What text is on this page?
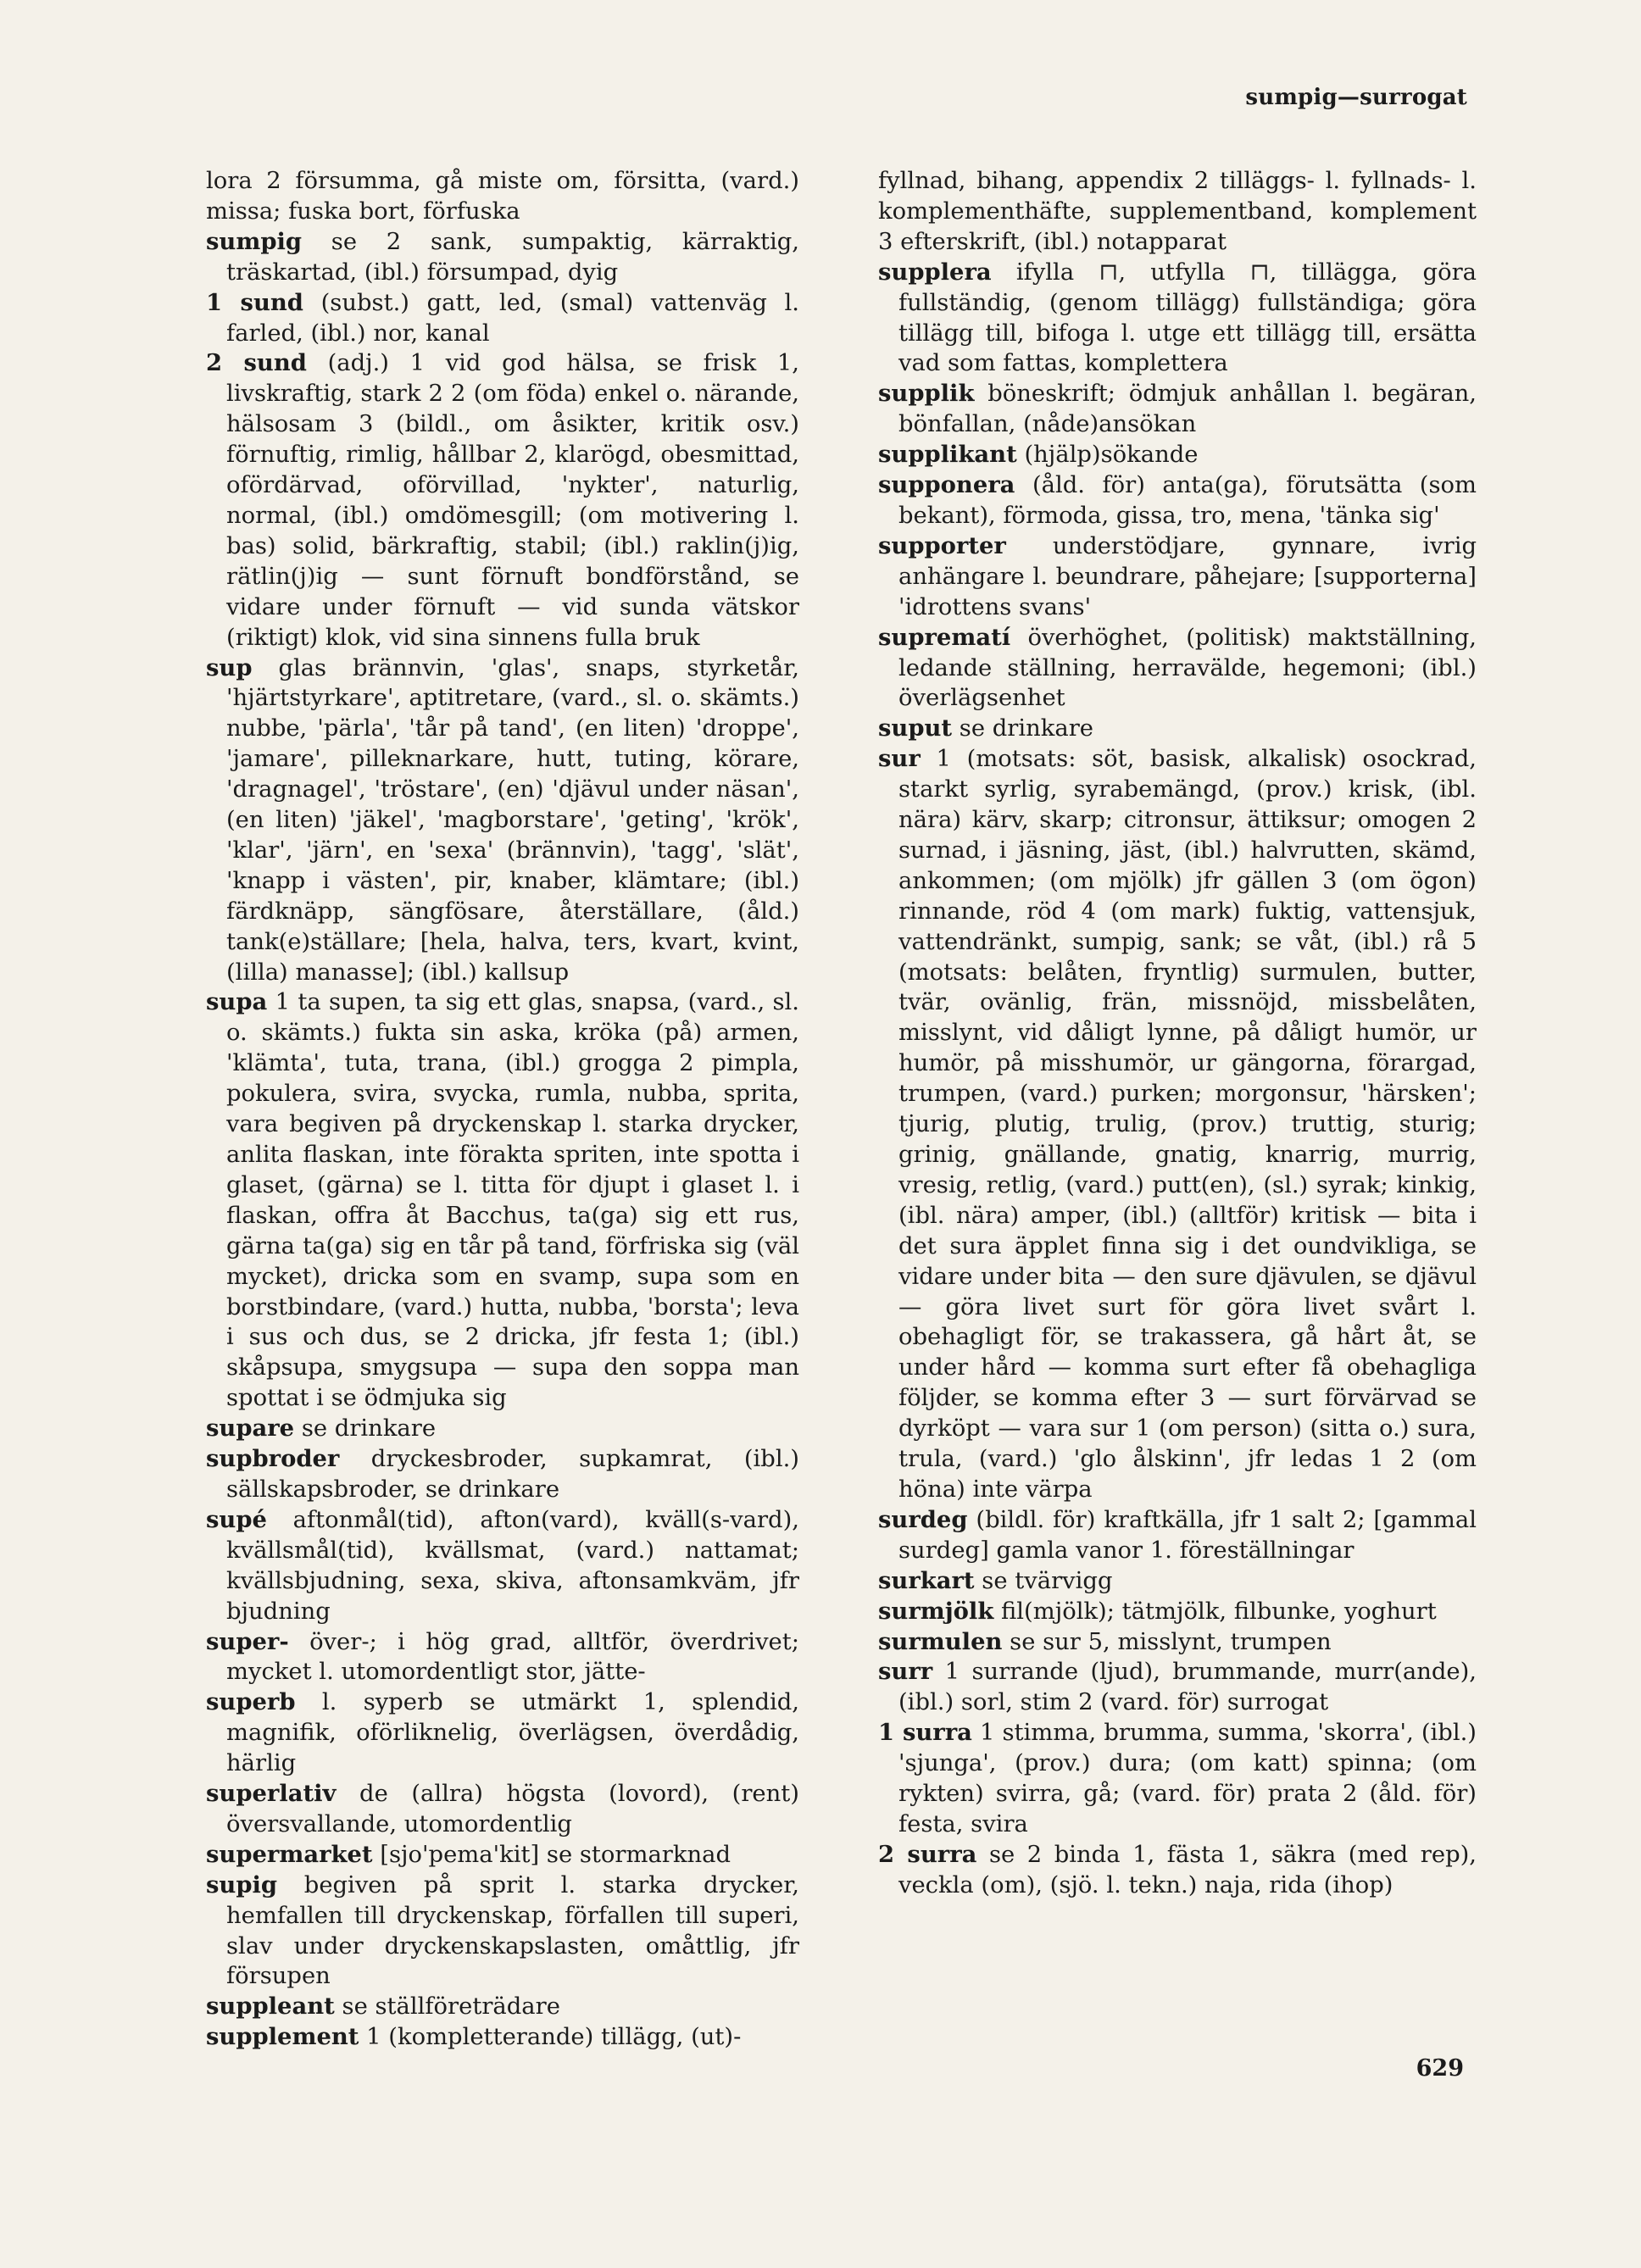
sumpig—surrogat

lora 2 försumma, gå miste om, försitta, (vard.) missa; fuska bort, förfuska

sumpig se 2 sank, sumpaktig, kärraktig, träskartad, (ibl.) försumpad, dyig

1 sund (subst.) gatt, led, (smal) vattenväg l. farled, (ibl.) nor, kanal

2 sund (adj.) 1 vid god hälsa, se frisk 1, livskraftig, stark 2 2 (om föda) enkel o. närande, hälsosam 3 (bildl., om åsikter, kritik osv.) förnuftig, rimlig, hållbar 2, klarögd, obesmittad, ofördärvad, oförvillad, 'nykter', naturlig, normal, (ibl.) omdömesgill; (om motivering l. bas) solid, bärkraftig, stabil; (ibl.) raklin(j)ig, rätlin(j)ig — sunt förnuft bondförstånd, se vidare under förnuft — vid sunda vätskor (riktigt) klok, vid sina sinnens fulla bruk

sup glas brännvin, 'glas', snaps, styrketår, 'hjärtstyrkare', aptitretare, (vard., sl. o. skämts.) nubbe, 'pärla', 'tår på tand', (en liten) 'droppe', 'jamare', pilleknarkare, hutt, tuting, körare, 'dragnagel', 'tröstare', (en) 'djävul under näsan', (en liten) 'jäkel', 'magborstare', 'geting', 'krök', 'klar', 'järn', en 'sexa' (brännvin), 'tagg', 'slät', 'knapp i västen', pir, knaber, klämtare; (ibl.) färdknäpp, sängfösare, återställare, (åld.) tank(e)ställare; [hela, halva, ters, kvart, kvint, (lilla) manasse]; (ibl.) kallsup

supa 1 ta supen, ta sig ett glas, snapsa, (vard., sl. o. skämts.) fukta sin aska, kröka (på) armen, 'klämta', tuta, trana, (ibl.) grogga 2 pimpla, pokulera, svira, svycka, rumla, nubba, sprita, vara begiven på dryckenskap l. starka drycker, anlita flaskan, inte förakta spriten, inte spotta i glaset, (gärna) se l. titta för djupt i glaset l. i flaskan, offra åt Bacchus, ta(ga) sig ett rus, gärna ta(ga) sig en tår på tand, förfriska sig (väl mycket), dricka som en svamp, supa som en borstbindare, (vard.) hutta, nubba, 'borsta'; leva i sus och dus, se 2 dricka, jfr festa 1; (ibl.) skåpsupa, smygsupa — supa den soppa man spottat i se ödmjuka sig

supare se drinkare

supbroder dryckesbroder, supkamrat, (ibl.) sällskapsbroder, se drinkare

supé aftonmål(tid), afton(vard), kväll(s-vard), kvällsmål(tid), kvällsmat, (vard.) nattamat; kvällsbjudning, sexa, skiva, aftonsamkväm, jfr bjudning

super- över-; i hög grad, alltför, överdrivet; mycket l. utomordentligt stor, jätte-

superb l. syperb se utmärkt 1, splendid, magnifik, oförliknelig, överlägsen, överdådig, härlig

superlativ de (allra) högsta (lovord), (rent) översvallande, utomordentlig

supermarket [sjo'pema'kit] se stormarknad

supig begiven på sprit l. starka drycker, hemfallen till dryckenskap, förfallen till superi, slav under dryckenskapslasten, omåttlig, jfr försupen

suppleant se ställföreträdare

supplement 1 (kompletterande) tillägg, (ut)-

fyllnad, bihang, appendix 2 tilläggs- l. fyllnads- l. komplementhäfte, supplementband, komplement 3 efterskrift, (ibl.) notapparat

supplera ifylla ⊓, utfylla ⊓, tillägga, göra fullständig, (genom tillägg) fullständiga; göra tillägg till, bifoga l. utge ett tillägg till, ersätta vad som fattas, komplettera

supplik böneskrift; ödmjuk anhållan l. begäran, bönfallan, (nåde)ansökan

supplikant (hjälp)sökande

supponera (åld. för) anta(ga), förutsätta (som bekant), förmoda, gissa, tro, mena, 'tänka sig'

supporter understödjare, gynnare, ivrig anhängare l. beundrare, påhejare; [supporterna] 'idrottens svans'

suprematí överhöghet, (politisk) maktställning, ledande ställning, herravälde, hegemoni; (ibl.) överlägsenhet

suput se drinkare

sur 1 (motsats: söt, basisk, alkalisk) osockrad, starkt syrlig, syrabemängd, (prov.) krisk, (ibl. nära) kärv, skarp; citronsur, ättiksur; omogen 2 surnad, i jäsning, jäst, (ibl.) halvrutten, skämd, ankommen; (om mjölk) jfr gällen 3 (om ögon) rinnande, röd 4 (om mark) fuktig, vattensjuk, vattendränkt, sumpig, sank; se våt, (ibl.) rå 5 (motsats: belåten, fryntlig) surmulen, butter, tvär, ovänlig, frän, missnöjd, missbelåten, misslynt, vid dåligt lynne, på dåligt humör, ur humör, på misshumör, ur gängorna, förargad, trumpen, (vard.) purken; morgonsur, 'härsken'; tjurig, plutig, trulig, (prov.) truttig, sturig; grinig, gnällande, gnatig, knarrig, murrig, vresig, retlig, (vard.) putt(en), (sl.) syrak; kinkig, (ibl. nära) amper, (ibl.) (alltför) kritisk — bita i det sura äpplet finna sig i det oundvikliga, se vidare under bita — den sure djävulen, se djävul — göra livet surt för göra livet svårt l. obehagligt för, se trakassera, gå hårt åt, se under hård — komma surt efter få obehagliga följder, se komma efter 3 — surt förvärvad se dyrköpt — vara sur 1 (om person) (sitta o.) sura, trula, (vard.) 'glo ålskinn', jfr ledas 1 2 (om höna) inte värpa

surdeg (bildl. för) kraftkälla, jfr 1 salt 2; [gammal surdeg] gamla vanor 1. föreställningar

surkart se tvärvigg

surmjölk fil(mjölk); tätmjölk, filbunke, yoghurt

surmulen se sur 5, misslynt, trumpen

surr 1 surrande (ljud), brummande, murr(ande), (ibl.) sorl, stim 2 (vard. för) surrogat

1 surra 1 stimma, brumma, summa, 'skorra', (ibl.) 'sjunga', (prov.) dura; (om katt) spinna; (om rykten) svirra, gå; (vard. för) prata 2 (åld. för) festa, svira

2 surra se 2 binda 1, fästa 1, säkra (med rep), veckla (om), (sjö. l. tekn.) naja, rida (ihop)

629
